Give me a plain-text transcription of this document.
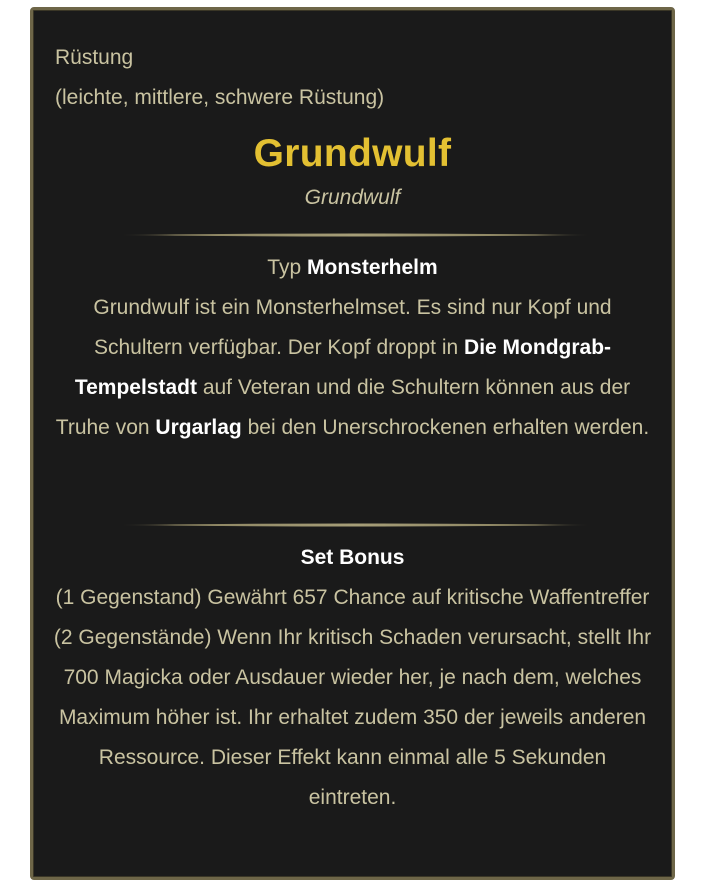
Rüstung
(leichte, mittlere, schwere Rüstung)
Grundwulf
Grundwulf
Typ Monsterhelm
Grundwulf ist ein Monsterhelmset. Es sind nur Kopf und Schultern verfügbar. Der Kopf droppt in Die Mondgrab-Tempelstadt auf Veteran und die Schultern können aus der Truhe von Urgarlag bei den Unerschrockenen erhalten werden.
Set Bonus
(1 Gegenstand) Gewährt 657 Chance auf kritische Waffentreffer
(2 Gegenstände) Wenn Ihr kritisch Schaden verursacht, stellt Ihr 700 Magicka oder Ausdauer wieder her, je nach dem, welches Maximum höher ist. Ihr erhaltet zudem 350 der jeweils anderen Ressource. Dieser Effekt kann einmal alle 5 Sekunden eintreten.
